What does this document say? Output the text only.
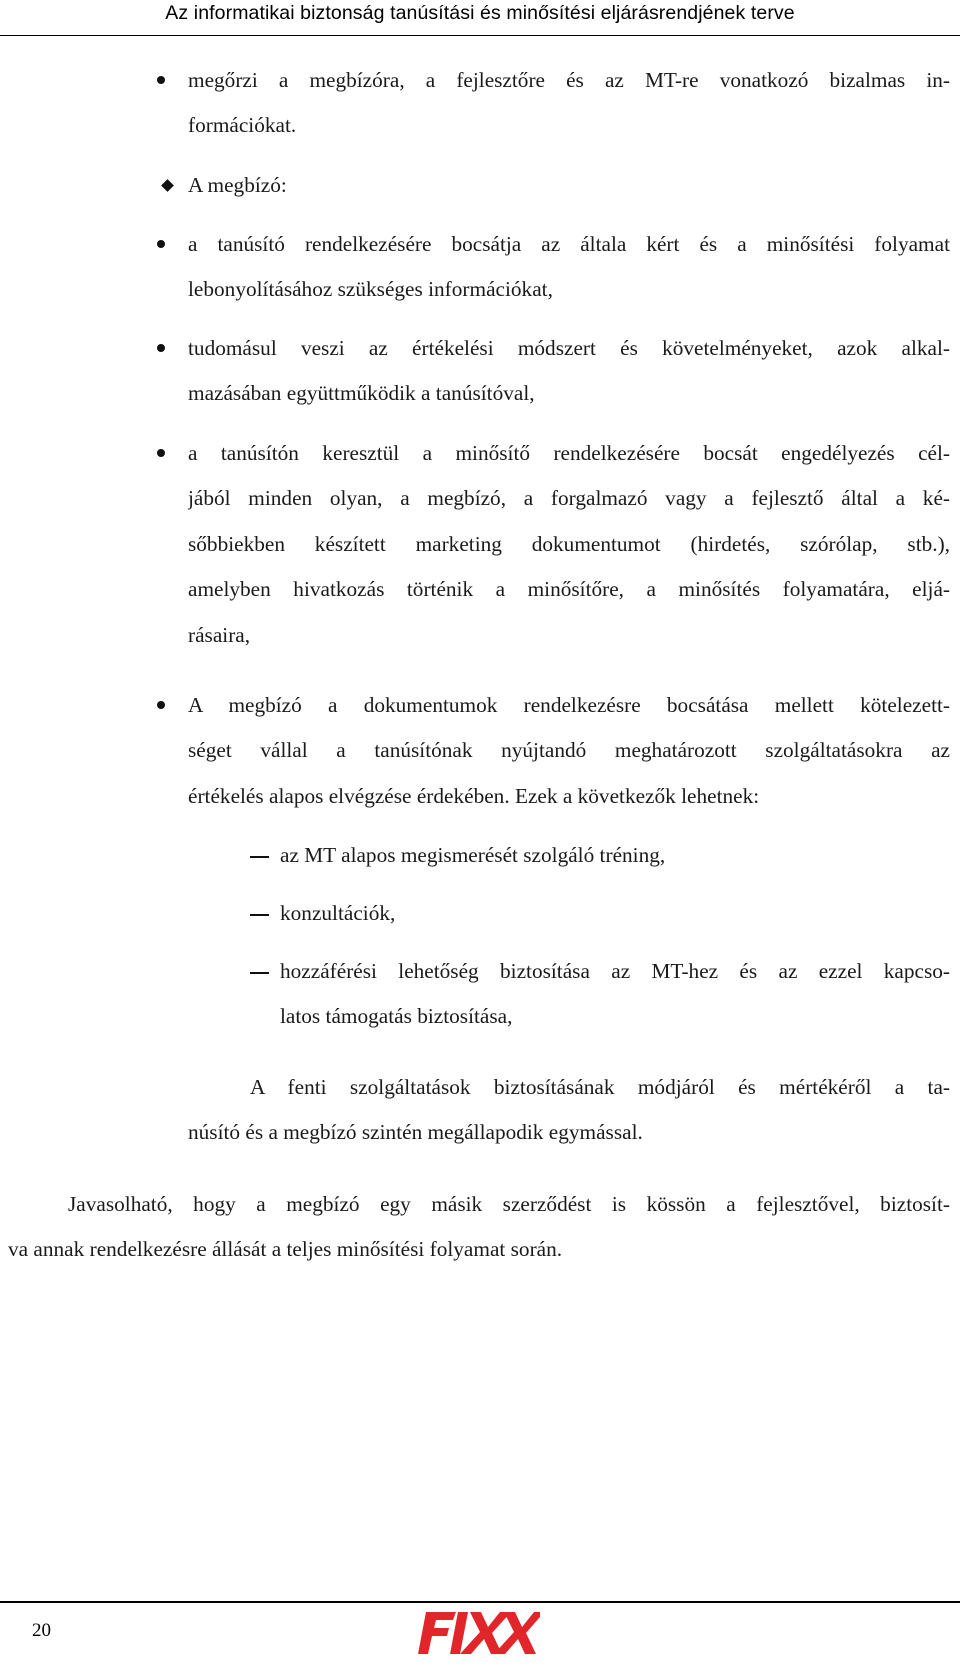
Az informatikai biztonság tanúsítási és minősítési eljárásrendjének terve
megőrzi a megbízóra, a fejlesztőre és az MT-re vonatkozó bizalmas in-
formációkat.
A megbízó:
a tanúsító rendelkezésére bocsátja az általa kért és a minősítési folyamat
lebonyolításához szükséges információkat,
tudomásul veszi az értékelési módszert és követelményeket, azok alkal-
mazásában együttműködik a tanúsítóval,
a tanúsítón keresztül a minősítő rendelkezésére bocsát engedélyezés cél-
jából minden olyan, a megbízó, a forgalmazó vagy a fejlesztő által a ké-
sőbbiekben készített marketing dokumentumot (hirdetés, szórólap, stb.),
amelyben hivatkozás történik a minősítőre, a minősítés folyamatára, eljá-
rásaira,
A megbízó a dokumentumok rendelkezésre bocsátása mellett kötelezett-
séget vállal a tanúsítónak nyújtandó meghatározott szolgáltatásokra az
értékelés alapos elvégzése érdekében. Ezek a következők lehetnek:
az MT alapos megismerését szolgáló tréning,
konzultációk,
hozzáférési lehetőség biztosítása az MT-hez és az ezzel kapcso-
latos támogatás biztosítása,
A fenti szolgáltatások biztosításának módjáról és mértékéről a ta-
núsító és a megbízó szintén megállapodik egymással.
Javasolható, hogy a megbízó egy másik szerződést is kössön a fejlesztővel, biztosít-
va annak rendelkezésre állását a teljes minősítési folyamat során.
20
